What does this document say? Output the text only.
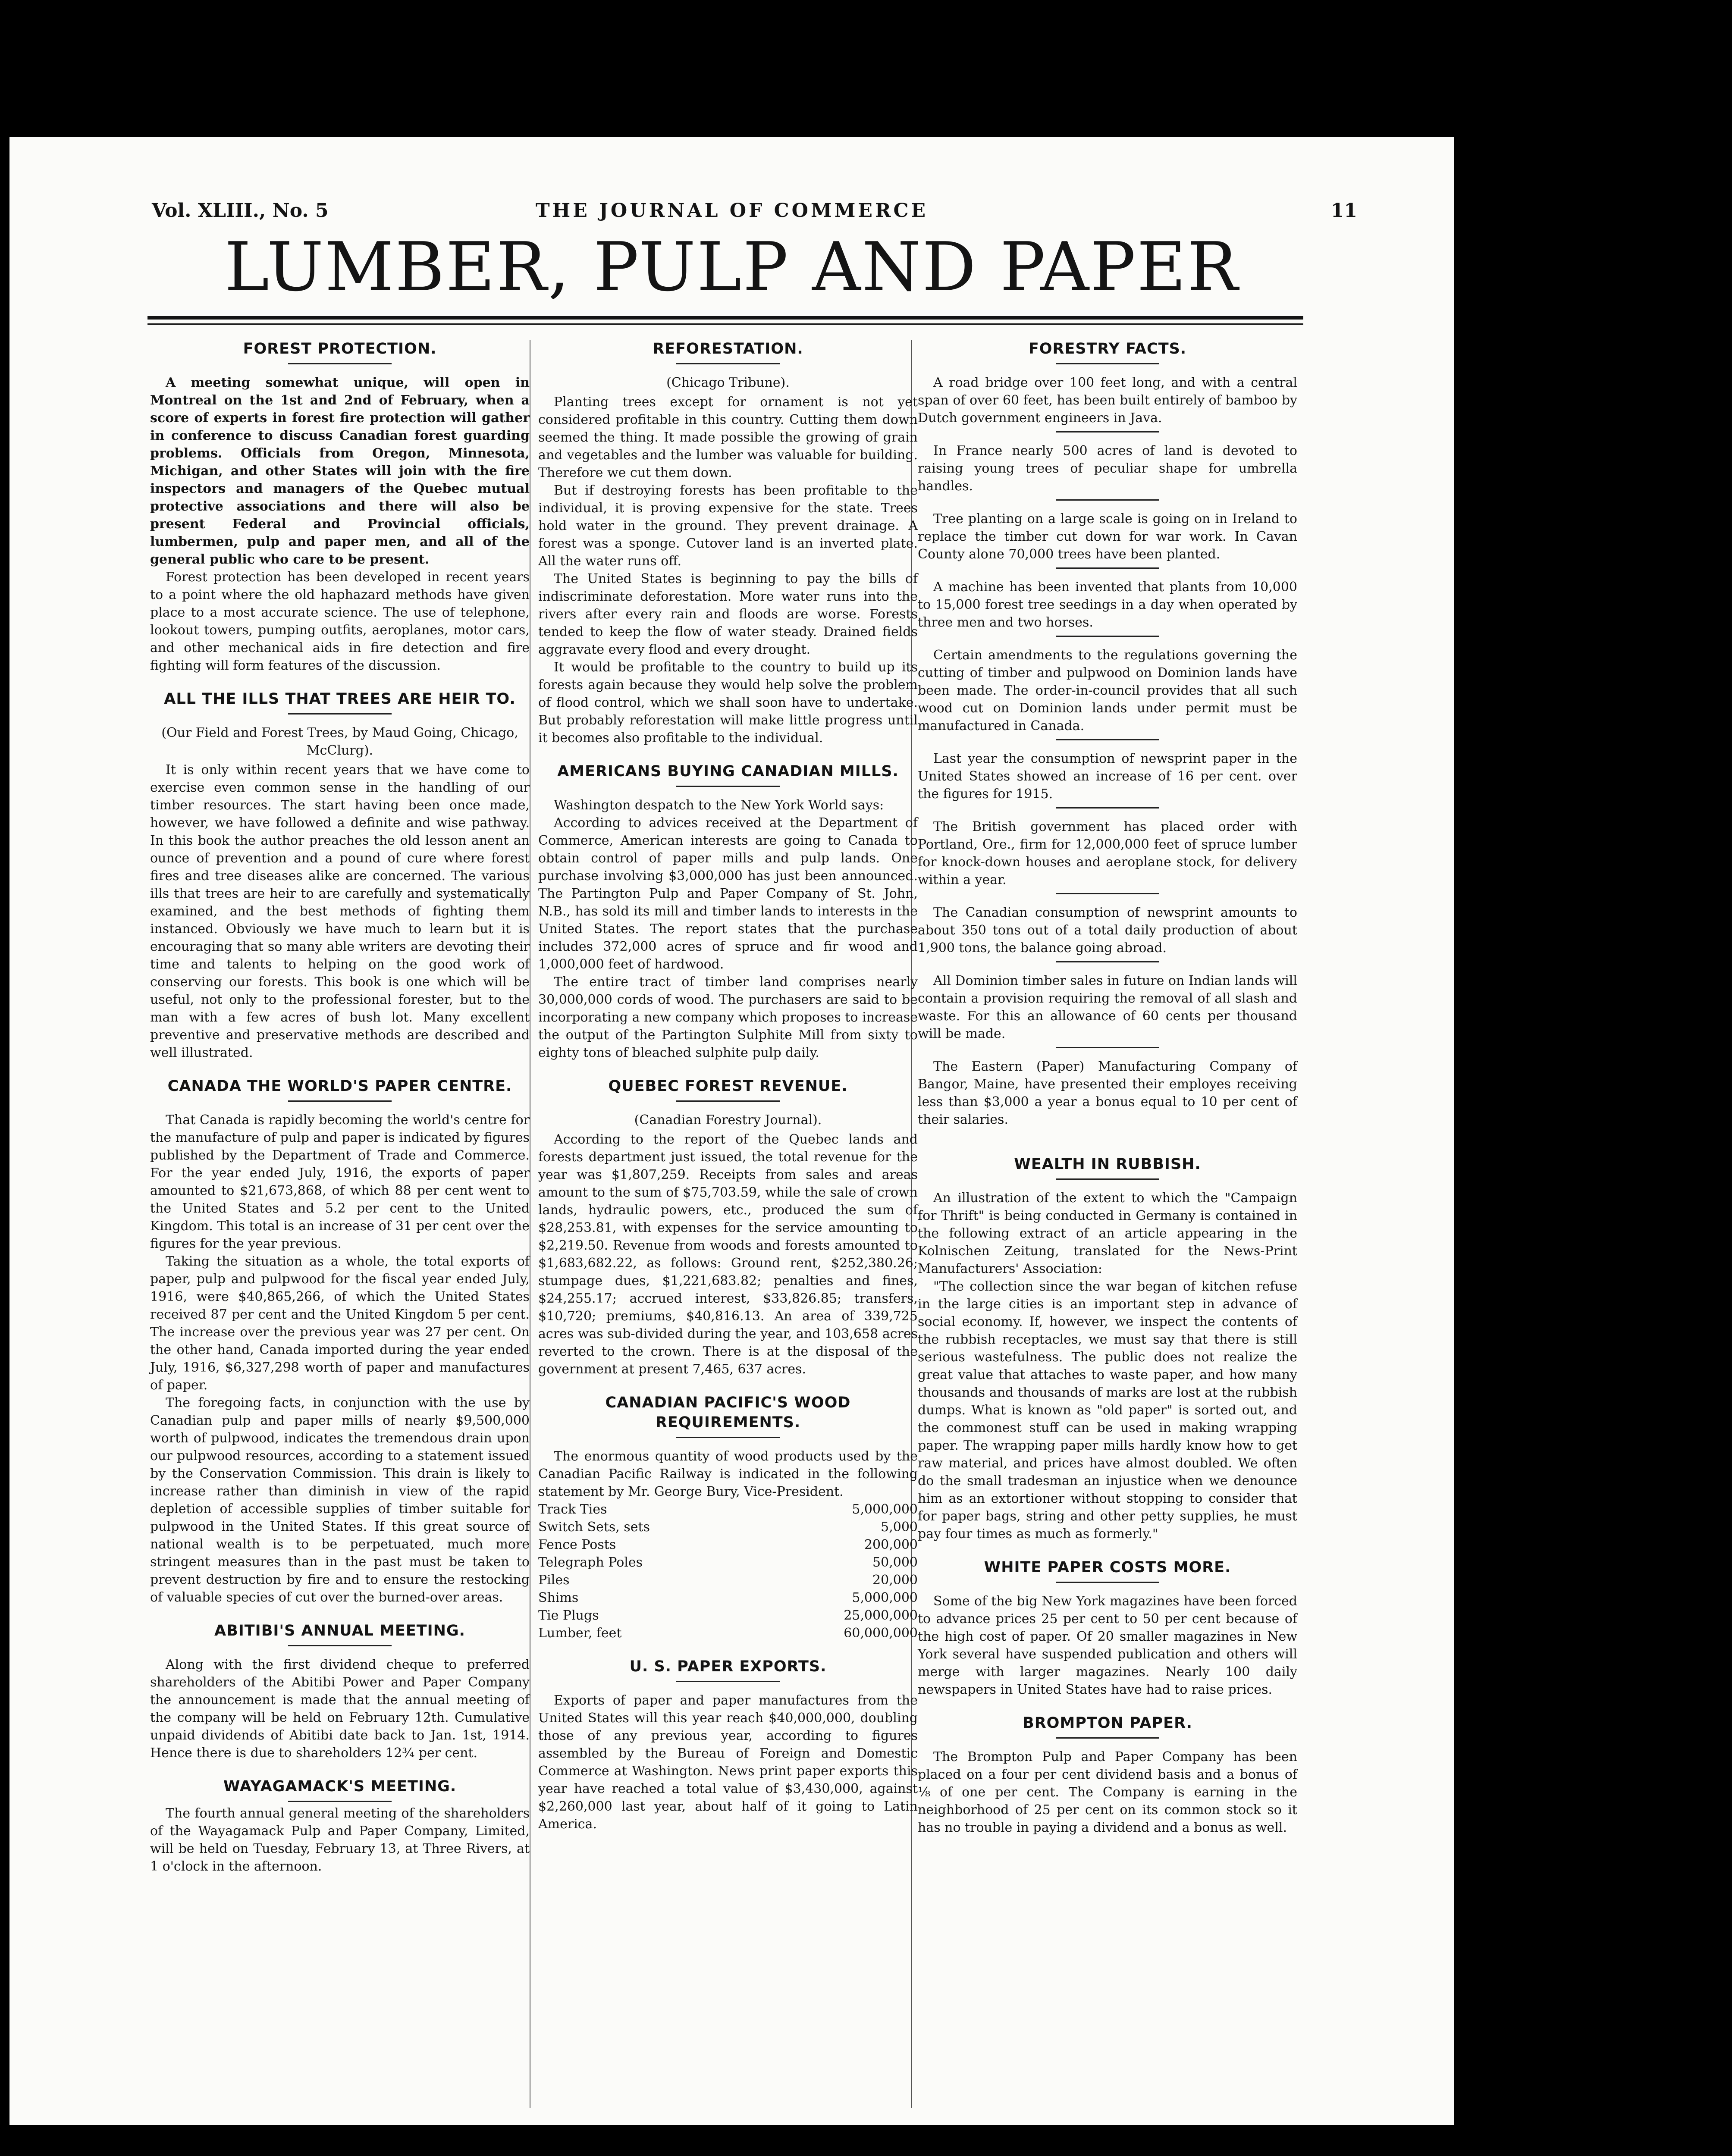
Vol. XLIII., No. 5	THE JOURNAL OF COMMERCE	11
LUMBER, PULP AND PAPER
FOREST PROTECTION.

A meeting somewhat unique, will open in Montreal on the 1st and 2nd of February, when a score of experts in forest fire protection will gather in conference to discuss Canadian forest guarding problems. Officials from Oregon, Minnesota, Michigan, and other States will join with the fire inspectors and managers of the Quebec mutual protective associations and there will also be present Federal and Provincial officials, lumbermen, pulp and paper men, and all of the general public who care to be present.

Forest protection has been developed in recent years to a point where the old haphazard methods have given place to a most accurate science. The use of telephone, lookout towers, pumping outfits, aeroplanes, motor cars, and other mechanical aids in fire detection and fire fighting will form features of the discussion.

ALL THE ILLS THAT TREES ARE HEIR TO.
(Our Field and Forest Trees, by Maud Going, Chicago, McClurg).

It is only within recent years that we have come to exercise even common sense in the handling of our timber resources. The start having been once made, however, we have followed a definite and wise pathway. In this book the author preaches the old lesson anent an ounce of prevention and a pound of cure where forest fires and tree diseases alike are concerned. The various ills that trees are heir to are carefully and systematically examined, and the best methods of fighting them instanced. Obviously we have much to learn but it is encouraging that so many able writers are devoting their time and talents to helping on the good work of conserving our forests. This book is one which will be useful, not only to the professional forester, but to the man with a few acres of bush lot. Many excellent preventive and preservative methods are described and well illustrated.

CANADA THE WORLD'S PAPER CENTRE.

That Canada is rapidly becoming the world's centre for the manufacture of pulp and paper is indicated by figures published by the Department of Trade and Commerce. For the year ended July, 1916, the exports of paper amounted to $21,673,868, of which 88 per cent went to the United States and 5.2 per cent to the United Kingdom. This total is an increase of 31 per cent over the figures for the year previous.

Taking the situation as a whole, the total exports of paper, pulp and pulpwood for the fiscal year ended July, 1916, were $40,865,266, of which the United States received 87 per cent and the United Kingdom 5 per cent. The increase over the previous year was 27 per cent. On the other hand, Canada imported during the year ended July, 1916, $6,327,298 worth of paper and manufactures of paper.

The foregoing facts, in conjunction with the use by Canadian pulp and paper mills of nearly $9,500,000 worth of pulpwood, indicates the tremendous drain upon our pulpwood resources, according to a statement issued by the Conservation Commission. This drain is likely to increase rather than diminish in view of the rapid depletion of accessible supplies of timber suitable for pulpwood in the United States. If this great source of national wealth is to be perpetuated, much more stringent measures than in the past must be taken to prevent destruction by fire and to ensure the restocking of valuable species of cut over the burned-over areas.

ABITIBI'S ANNUAL MEETING.

Along with the first dividend cheque to preferred shareholders of the Abitibi Power and Paper Company the announcement is made that the annual meeting of the company will be held on February 12th. Cumulative unpaid dividends of Abitibi date back to Jan. 1st, 1914. Hence there is due to shareholders 12¾ per cent.

WAYAGAMACK'S MEETING.

The fourth annual general meeting of the shareholders of the Wayagamack Pulp and Paper Company, Limited, will be held on Tuesday, February 13, at Three Rivers, at 1 o'clock in the afternoon.

REFORESTATION.
(Chicago Tribune).

Planting trees except for ornament is not yet considered profitable in this country. Cutting them down seemed the thing. It made possible the growing of grain and vegetables and the lumber was valuable for building. Therefore we cut them down.

But if destroying forests has been profitable to the individual, it is proving expensive for the state. Trees hold water in the ground. They prevent drainage. A forest was a sponge. Cutover land is an inverted plate. All the water runs off.

The United States is beginning to pay the bills of indiscriminate deforestation. More water runs into the rivers after every rain and floods are worse. Forests tended to keep the flow of water steady. Drained fields aggravate every flood and every drought.

It would be profitable to the country to build up its forests again because they would help solve the problem of flood control, which we shall soon have to undertake. But probably reforestation will make little progress until it becomes also profitable to the individual.

AMERICANS BUYING CANADIAN MILLS.

Washington despatch to the New York World says:

According to advices received at the Department of Commerce, American interests are going to Canada to obtain control of paper mills and pulp lands. One purchase involving $3,000,000 has just been announced. The Partington Pulp and Paper Company of St. John, N.B., has sold its mill and timber lands to interests in the United States. The report states that the purchase includes 372,000 acres of spruce and fir wood and 1,000,000 feet of hardwood.

The entire tract of timber land comprises nearly 30,000,000 cords of wood. The purchasers are said to be incorporating a new company which proposes to increase the output of the Partington Sulphite Mill from sixty to eighty tons of bleached sulphite pulp daily.

QUEBEC FOREST REVENUE.
(Canadian Forestry Journal).

According to the report of the Quebec lands and forests department just issued, the total revenue for the year was $1,807,259. Receipts from sales and areas amount to the sum of $75,703.59, while the sale of crown lands, hydraulic powers, etc., produced the sum of $28,253.81, with expenses for the service amounting to $2,219.50. Revenue from woods and forests amounted to $1,683,682.22, as follows: Ground rent, $252,380.26; stumpage dues, $1,221,683.82; penalties and fines, $24,255.17; accrued interest, $33,826.85; transfers, $10,720; premiums, $40,816.13. An area of 339,725 acres was sub-divided during the year, and 103,658 acres reverted to the crown. There is at the disposal of the government at present 7,465, 637 acres.

CANADIAN PACIFIC'S WOOD REQUIREMENTS.

The enormous quantity of wood products used by the Canadian Pacific Railway is indicated in the following statement by Mr. George Bury, Vice-President.

Track Ties	5,000,000
Switch Sets, sets	5,000
Fence Posts	200,000
Telegraph Poles	50,000
Piles	20,000
Shims	5,000,000
Tie Plugs	25,000,000
Lumber, feet	60,000,000
U. S. PAPER EXPORTS.

Exports of paper and paper manufactures from the United States will this year reach $40,000,000, doubling those of any previous year, according to figures assembled by the Bureau of Foreign and Domestic Commerce at Washington. News print paper exports this year have reached a total value of $3,430,000, against $2,260,000 last year, about half of it going to Latin America.

FORESTRY FACTS.

A road bridge over 100 feet long, and with a central span of over 60 feet, has been built entirely of bamboo by Dutch government engineers in Java.

In France nearly 500 acres of land is devoted to raising young trees of peculiar shape for umbrella handles.

Tree planting on a large scale is going on in Ireland to replace the timber cut down for war work. In Cavan County alone 70,000 trees have been planted.

A machine has been invented that plants from 10,000 to 15,000 forest tree seedings in a day when operated by three men and two horses.

Certain amendments to the regulations governing the cutting of timber and pulpwood on Dominion lands have been made. The order-in-council provides that all such wood cut on Dominion lands under permit must be manufactured in Canada.

Last year the consumption of newsprint paper in the United States showed an increase of 16 per cent. over the figures for 1915.

The British government has placed order with Portland, Ore., firm for 12,000,000 feet of spruce lumber for knock-down houses and aeroplane stock, for delivery within a year.

The Canadian consumption of newsprint amounts to about 350 tons out of a total daily production of about 1,900 tons, the balance going abroad.

All Dominion timber sales in future on Indian lands will contain a provision requiring the removal of all slash and waste. For this an allowance of 60 cents per thousand will be made.

The Eastern (Paper) Manufacturing Company of Bangor, Maine, have presented their employes receiving less than $3,000 a year a bonus equal to 10 per cent of their salaries.

WEALTH IN RUBBISH.

An illustration of the extent to which the "Campaign for Thrift" is being conducted in Germany is contained in the following extract of an article appearing in the Kolnischen Zeitung, translated for the News-Print Manufacturers' Association:

"The collection since the war began of kitchen refuse in the large cities is an important step in advance of social economy. If, however, we inspect the contents of the rubbish receptacles, we must say that there is still serious wastefulness. The public does not realize the great value that attaches to waste paper, and how many thousands and thousands of marks are lost at the rubbish dumps. What is known as "old paper" is sorted out, and the commonest stuff can be used in making wrapping paper. The wrapping paper mills hardly know how to get raw material, and prices have almost doubled. We often do the small tradesman an injustice when we denounce him as an extortioner without stopping to consider that for paper bags, string and other petty supplies, he must pay four times as much as formerly."

WHITE PAPER COSTS MORE.

Some of the big New York magazines have been forced to advance prices 25 per cent to 50 per cent because of the high cost of paper. Of 20 smaller magazines in New York several have suspended publication and others will merge with larger magazines. Nearly 100 daily newspapers in United States have had to raise prices.

BROMPTON PAPER.

The Brompton Pulp and Paper Company has been placed on a four per cent dividend basis and a bonus of ⅛ of one per cent. The Company is earning in the neighborhood of 25 per cent on its common stock so it has no trouble in paying a dividend and a bonus as well.
